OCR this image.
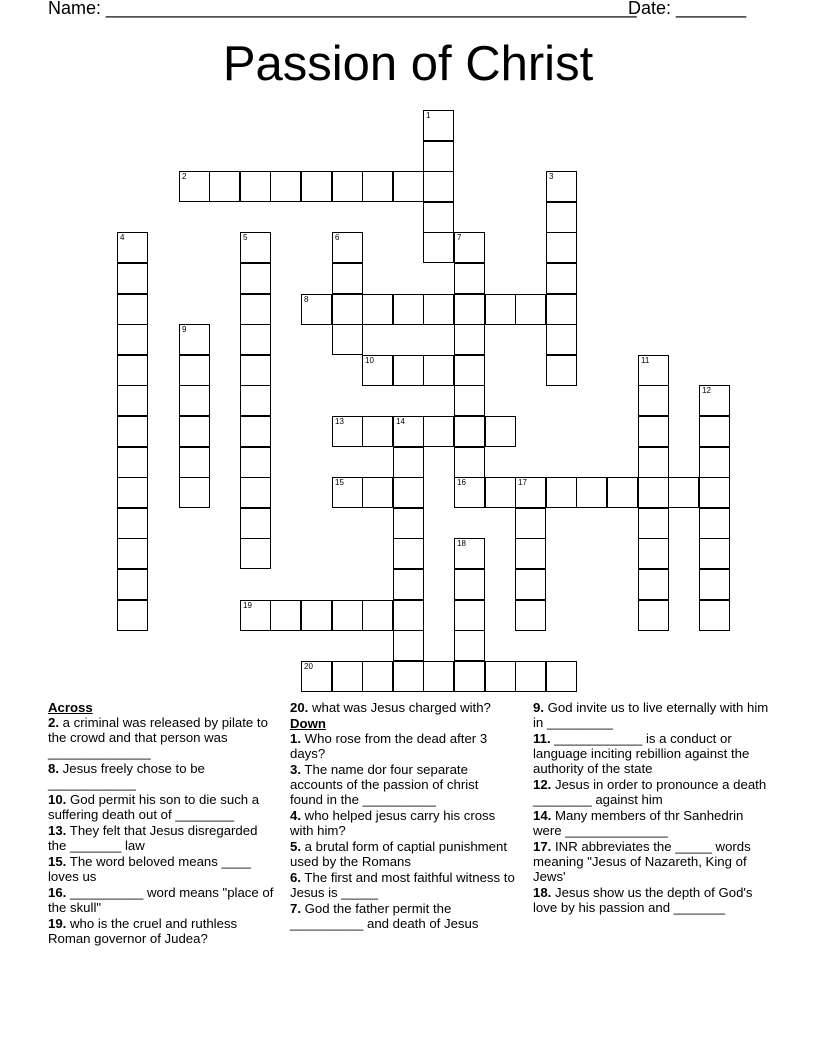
Name: _____________________________________________________
Date: _______
Passion of Christ
1
2	3
4	5	6	7
16
8
9
10	11
12
13	14
15	17
18
19
20
Across

2. a criminal was released by pilate to the crowd and that person was ______________

8. Jesus freely chose to be ____________

10. God permit his son to die such a suffering death out of ________

13. They felt that Jesus disregarded the _______ law

15. The word beloved means ____ loves us

16. __________ word means "place of the skull"

19. who is the cruel and ruthless Roman governor of Judea?

20. what was Jesus charged with?

Down

1. Who rose from the dead after 3 days?

3. The name dor four separate accounts of the passion of christ found in the __________

4. who helped jesus carry his cross with him?

5. a brutal form of captial punishment used by the Romans

6. The first and most faithful witness to Jesus is _____

7. God the father permit the __________ and death of Jesus

9. God invite us to live eternally with him in _________

11. ____________ is a conduct or language inciting rebillion against the authority of the state

12. Jesus in order to pronounce a death ________ against him

14. Many members of thr Sanhedrin were ______________

17. INR abbreviates the _____ words meaning "Jesus of Nazareth, King of Jews'

18. Jesus show us the depth of God's love by his passion and _______
